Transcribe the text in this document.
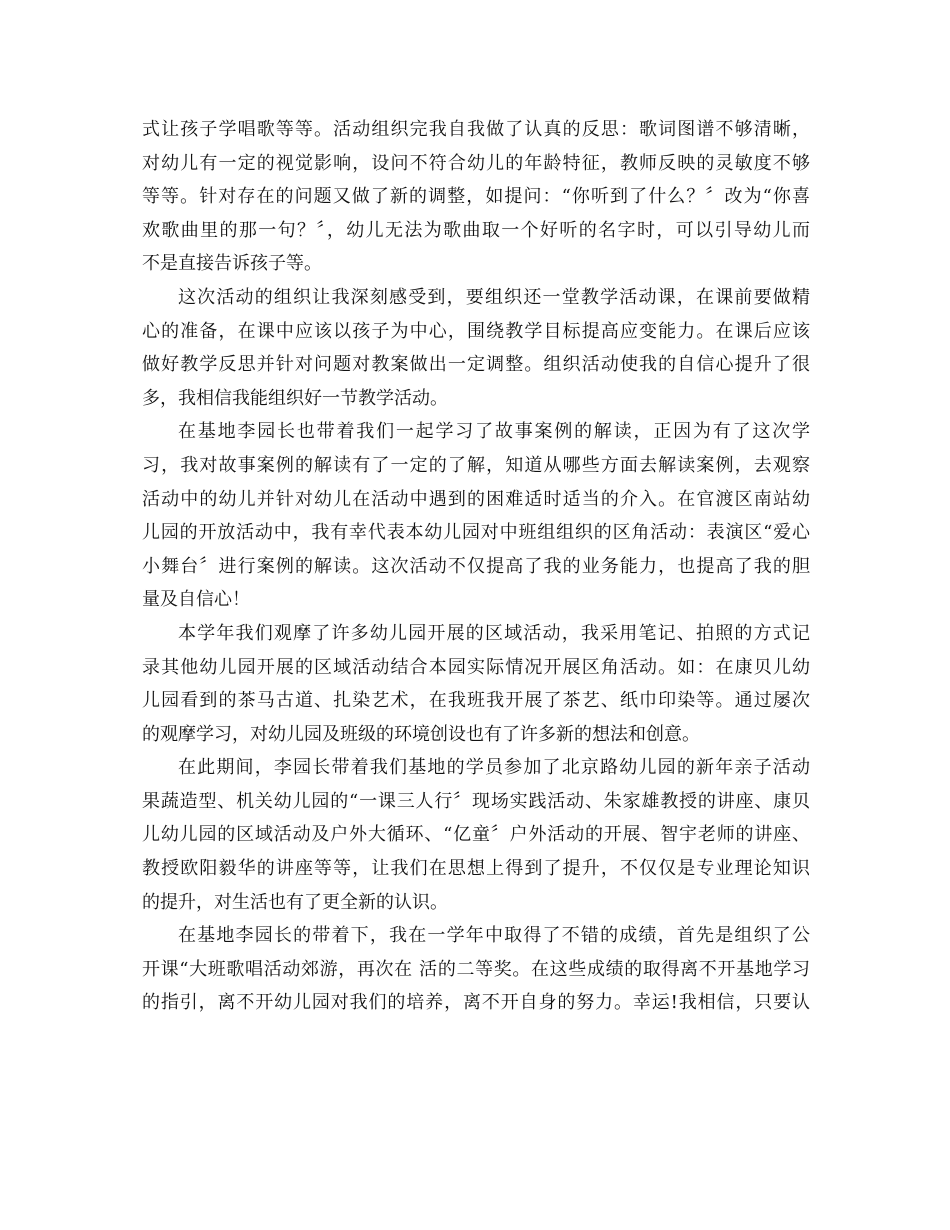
式让孩子学唱歌等等。活动组织完我自我做了认真的反思：歌词图谱不够清晰，
对幼儿有一定的视觉影响，设问不符合幼儿的年龄特征，教师反映的灵敏度不够
等等。针对存在的问题又做了新的调整，如提问：“你听到了什么？〞改为“你喜
欢歌曲里的那一句？〞，幼儿无法为歌曲取一个好听的名字时，可以引导幼儿而
不是直接告诉孩子等。
这次活动的组织让我深刻感受到，要组织还一堂教学活动课，在课前要做精
心的准备，在课中应该以孩子为中心，围绕教学目标提高应变能力。在课后应该
做好教学反思并针对问题对教案做出一定调整。组织活动使我的自信心提升了很
多，我相信我能组织好一节教学活动。
在基地李园长也带着我们一起学习了故事案例的解读，正因为有了这次学
习，我对故事案例的解读有了一定的了解，知道从哪些方面去解读案例，去观察
活动中的幼儿并针对幼儿在活动中遇到的困难适时适当的介入。在官渡区南站幼
儿园的开放活动中，我有幸代表本幼儿园对中班组组织的区角活动：表演区“爱心
小舞台〞进行案例的解读。这次活动不仅提高了我的业务能力，也提高了我的胆
量及自信心！
本学年我们观摩了许多幼儿园开展的区域活动，我采用笔记、拍照的方式记
录其他幼儿园开展的区域活动结合本园实际情况开展区角活动。如：在康贝儿幼
儿园看到的茶马古道、扎染艺术，在我班我开展了茶艺、纸巾印染等。通过屡次
的观摩学习，对幼儿园及班级的环境创设也有了许多新的想法和创意。
在此期间，李园长带着我们基地的学员参加了北京路幼儿园的新年亲子活动
果蔬造型、机关幼儿园的“一课三人行〞现场实践活动、朱家雄教授的讲座、康贝
儿幼儿园的区域活动及户外大循环、“亿童〞户外活动的开展、智宇老师的讲座、
教授欧阳毅华的讲座等等，让我们在思想上得到了提升，不仅仅是专业理论知识
的提升，对生活也有了更全新的认识。
在基地李园长的带着下，我在一学年中取得了不错的成绩，首先是组织了公
开课“大班歌唱活动郊游，再次在 活的二等奖。在这些成绩的取得离不开基地学习
的指引，离不开幼儿园对我们的培养，离不开自身的努力。幸运!我相信，只要认
